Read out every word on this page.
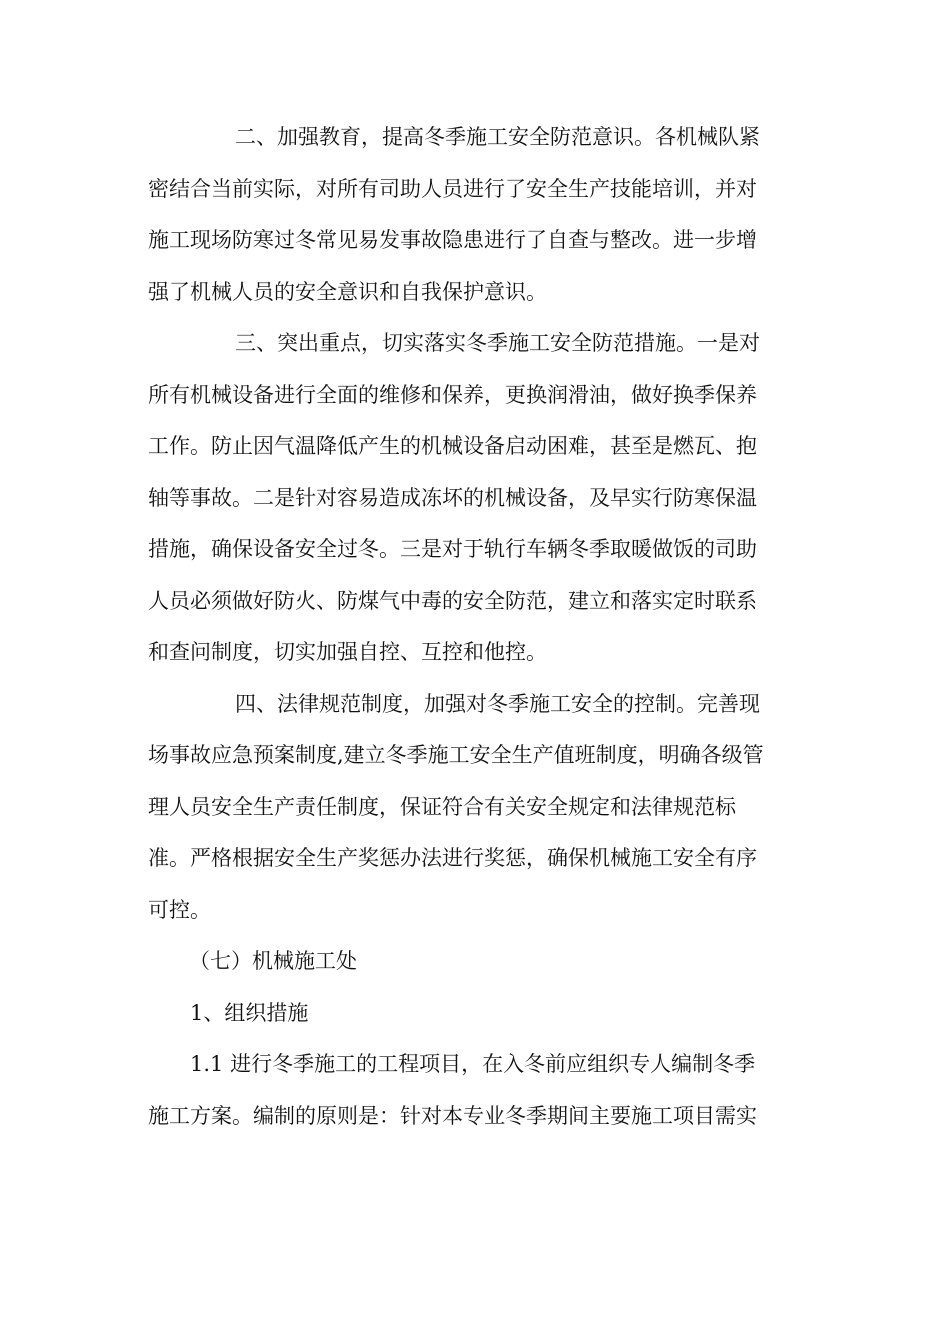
二、加强教育，提高冬季施工安全防范意识。各机械队紧
密结合当前实际，对所有司助人员进行了安全生产技能培训，并对
施工现场防寒过冬常见易发事故隐患进行了自查与整改。进一步增
强了机械人员的安全意识和自我保护意识。
三、突出重点，切实落实冬季施工安全防范措施。一是对
所有机械设备进行全面的维修和保养，更换润滑油，做好换季保养
工作。防止因气温降低产生的机械设备启动困难，甚至是燃瓦、抱
轴等事故。二是针对容易造成冻坏的机械设备，及早实行防寒保温
措施，确保设备安全过冬。三是对于轨行车辆冬季取暖做饭的司助
人员必须做好防火、防煤气中毒的安全防范，建立和落实定时联系
和查问制度，切实加强自控、互控和他控。
四、法律规范制度，加强对冬季施工安全的控制。完善现
场事故应急预案制度,建立冬季施工安全生产值班制度，明确各级管
理人员安全生产责任制度，保证符合有关安全规定和法律规范标
准。严格根据安全生产奖惩办法进行奖惩，确保机械施工安全有序
可控。
（七）机械施工处
1、组织措施
1.1 进行冬季施工的工程项目，在入冬前应组织专人编制冬季
施工方案。编制的原则是：针对本专业冬季期间主要施工项目需实
